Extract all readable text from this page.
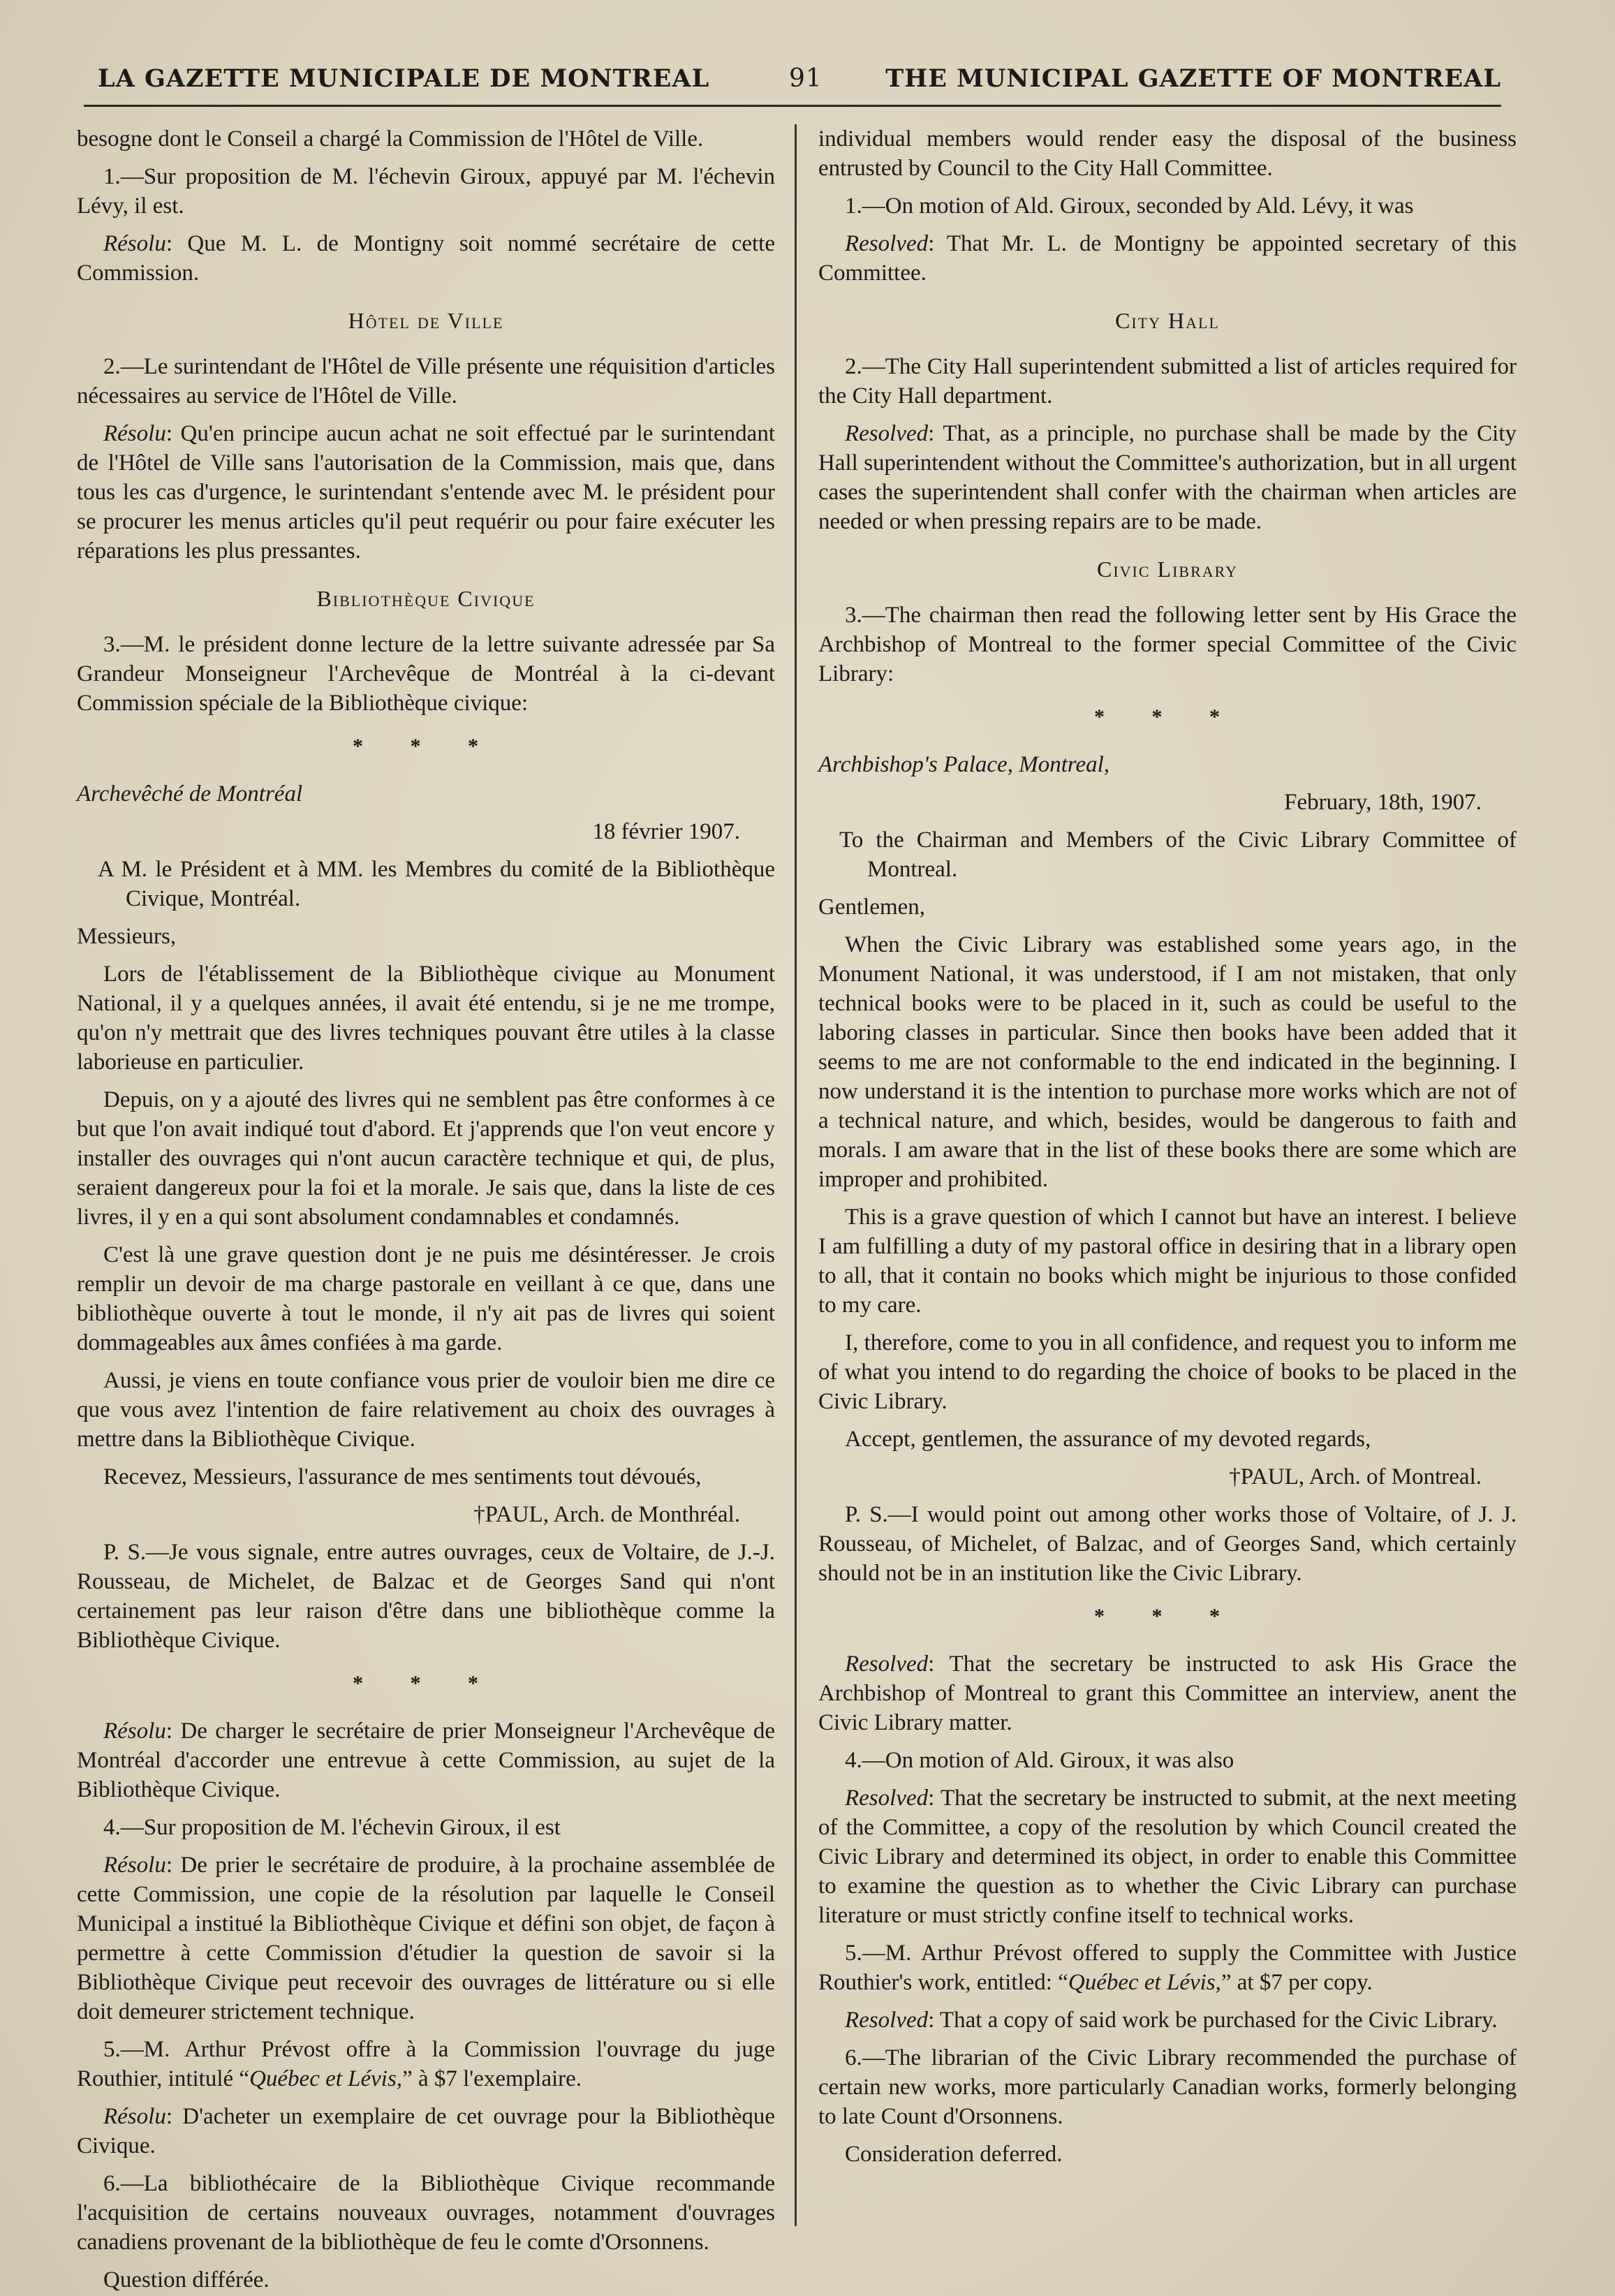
LA GAZETTE MUNICIPALE DE MONTREAL	91	THE MUNICIPAL GAZETTE OF MONTREAL

besogne dont le Conseil a chargé la Commission de l'Hôtel de Ville.

1.—Sur proposition de M. l'échevin Giroux, appuyé par M. l'échevin Lévy, il est.

Résolu: Que M. L. de Montigny soit nommé secrétaire de cette Commission.

Hôtel de Ville

2.—Le surintendant de l'Hôtel de Ville présente une réquisition d'articles nécessaires au service de l'Hôtel de Ville.

Résolu: Qu'en principe aucun achat ne soit effectué par le surintendant de l'Hôtel de Ville sans l'autorisation de la Commission, mais que, dans tous les cas d'urgence, le surintendant s'entende avec M. le président pour se procurer les menus articles qu'il peut requérir ou pour faire exécuter les réparations les plus pressantes.

Bibliothèque Civique

3.—M. le président donne lecture de la lettre suivante adressée par Sa Grandeur Monseigneur l'Archevêque de Montréal à la ci-devant Commission spéciale de la Bibliothèque civique:

* * *

Archevêché de Montréal

18 février 1907.

A M. le Président et à MM. les Membres du comité de la Bibliothèque Civique, Montréal.

Messieurs,

Lors de l'établissement de la Bibliothèque civique au Monument National, il y a quelques années, il avait été entendu, si je ne me trompe, qu'on n'y mettrait que des livres techniques pouvant être utiles à la classe laborieuse en particulier.

Depuis, on y a ajouté des livres qui ne semblent pas être conformes à ce but que l'on avait indiqué tout d'abord. Et j'apprends que l'on veut encore y installer des ouvrages qui n'ont aucun caractère technique et qui, de plus, seraient dangereux pour la foi et la morale. Je sais que, dans la liste de ces livres, il y en a qui sont absolument condamnables et condamnés.

C'est là une grave question dont je ne puis me désintéresser. Je crois remplir un devoir de ma charge pastorale en veillant à ce que, dans une bibliothèque ouverte à tout le monde, il n'y ait pas de livres qui soient dommageables aux âmes confiées à ma garde.

Aussi, je viens en toute confiance vous prier de vouloir bien me dire ce que vous avez l'intention de faire relativement au choix des ouvrages à mettre dans la Bibliothèque Civique.

Recevez, Messieurs, l'assurance de mes sentiments tout dévoués,

†PAUL, Arch. de Monthréal.

P. S.—Je vous signale, entre autres ouvrages, ceux de Voltaire, de J.-J. Rousseau, de Michelet, de Balzac et de Georges Sand qui n'ont certainement pas leur raison d'être dans une bibliothèque comme la Bibliothèque Civique.

* * *

Résolu: De charger le secrétaire de prier Monseigneur l'Archevêque de Montréal d'accorder une entrevue à cette Commission, au sujet de la Bibliothèque Civique.

4.—Sur proposition de M. l'échevin Giroux, il est

Résolu: De prier le secrétaire de produire, à la prochaine assemblée de cette Commission, une copie de la résolution par laquelle le Conseil Municipal a institué la Bibliothèque Civique et défini son objet, de façon à permettre à cette Commission d'étudier la question de savoir si la Bibliothèque Civique peut recevoir des ouvrages de littérature ou si elle doit demeurer strictement technique.

5.—M. Arthur Prévost offre à la Commission l'ouvrage du juge Routhier, intitulé “Québec et Lévis,” à $7 l'exemplaire.

Résolu: D'acheter un exemplaire de cet ouvrage pour la Bibliothèque Civique.

6.—La bibliothécaire de la Bibliothèque Civique recommande l'acquisition de certains nouveaux ouvrages, notamment d'ouvrages canadiens provenant de la bibliothèque de feu le comte d'Orsonnens.

Question différée.

individual members would render easy the disposal of the business entrusted by Council to the City Hall Committee.

1.—On motion of Ald. Giroux, seconded by Ald. Lévy, it was

Resolved: That Mr. L. de Montigny be appointed secretary of this Committee.

City Hall

2.—The City Hall superintendent submitted a list of articles required for the City Hall department.

Resolved: That, as a principle, no purchase shall be made by the City Hall superintendent without the Committee's authorization, but in all urgent cases the superintendent shall confer with the chairman when articles are needed or when pressing repairs are to be made.

Civic Library

3.—The chairman then read the following letter sent by His Grace the Archbishop of Montreal to the former special Committee of the Civic Library:

* * *

Archbishop's Palace, Montreal,

February, 18th, 1907.

To the Chairman and Members of the Civic Library Committee of Montreal.

Gentlemen,

When the Civic Library was established some years ago, in the Monument National, it was understood, if I am not mistaken, that only technical books were to be placed in it, such as could be useful to the laboring classes in particular. Since then books have been added that it seems to me are not conformable to the end indicated in the beginning. I now understand it is the intention to purchase more works which are not of a technical nature, and which, besides, would be dangerous to faith and morals. I am aware that in the list of these books there are some which are improper and prohibited.

This is a grave question of which I cannot but have an interest. I believe I am fulfilling a duty of my pastoral office in desiring that in a library open to all, that it contain no books which might be injurious to those confided to my care.

I, therefore, come to you in all confidence, and request you to inform me of what you intend to do regarding the choice of books to be placed in the Civic Library.

Accept, gentlemen, the assurance of my devoted regards,

†PAUL, Arch. of Montreal.

P. S.—I would point out among other works those of Voltaire, of J. J. Rousseau, of Michelet, of Balzac, and of Georges Sand, which certainly should not be in an institution like the Civic Library.

* * *

Resolved: That the secretary be instructed to ask His Grace the Archbishop of Montreal to grant this Committee an interview, anent the Civic Library matter.

4.—On motion of Ald. Giroux, it was also

Resolved: That the secretary be instructed to submit, at the next meeting of the Committee, a copy of the resolution by which Council created the Civic Library and determined its object, in order to enable this Committee to examine the question as to whether the Civic Library can purchase literature or must strictly confine itself to technical works.

5.—M. Arthur Prévost offered to supply the Committee with Justice Routhier's work, entitled: “Québec et Lévis,” at $7 per copy.

Resolved: That a copy of said work be purchased for the Civic Library.

6.—The librarian of the Civic Library recommended the purchase of certain new works, more particularly Canadian works, formerly belonging to late Count d'Orsonnens.

Consideration deferred.
